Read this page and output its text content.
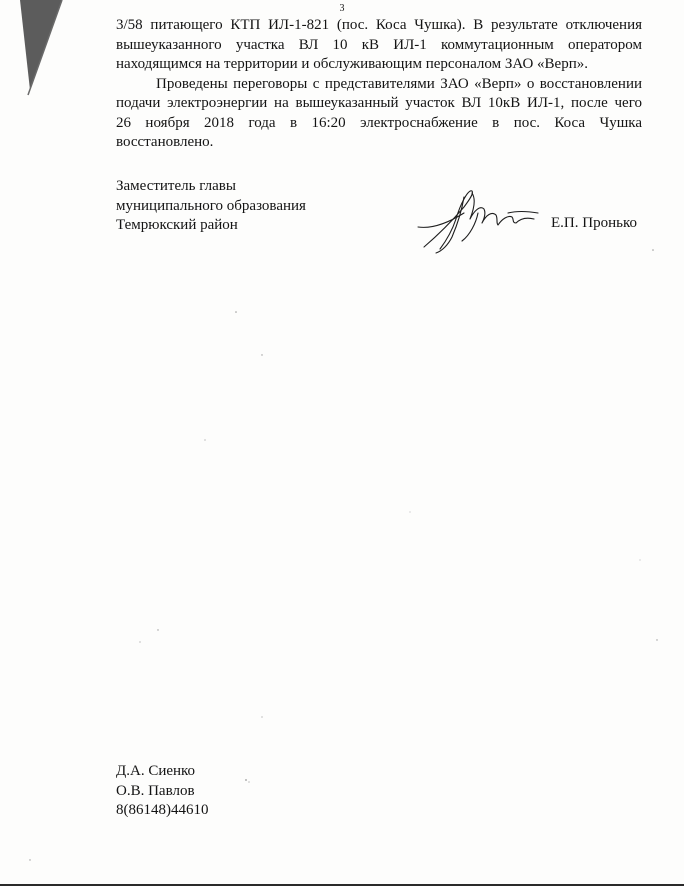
3

3/58 питающего КТП ИЛ-1-821 (пос. Коса Чушка). В результате отключения

вышеуказанного участка ВЛ 10 кВ ИЛ-1 коммутационным оператором

находящимся на территории и обслуживающим персоналом ЗАО «Верп».

Проведены переговоры с представителями ЗАО «Верп» о восстановлении

подачи электроэнергии на вышеуказанный участок ВЛ 10кВ ИЛ-1, после чего

26 ноября 2018 года в 16:20 электроснабжение в пос. Коса Чушка

восстановлено.

Заместитель главы
муниципального образования
Темрюкский район	Е.П. Пронько
Д.А. Сиенко
О.В. Павлов
8(86148)44610
